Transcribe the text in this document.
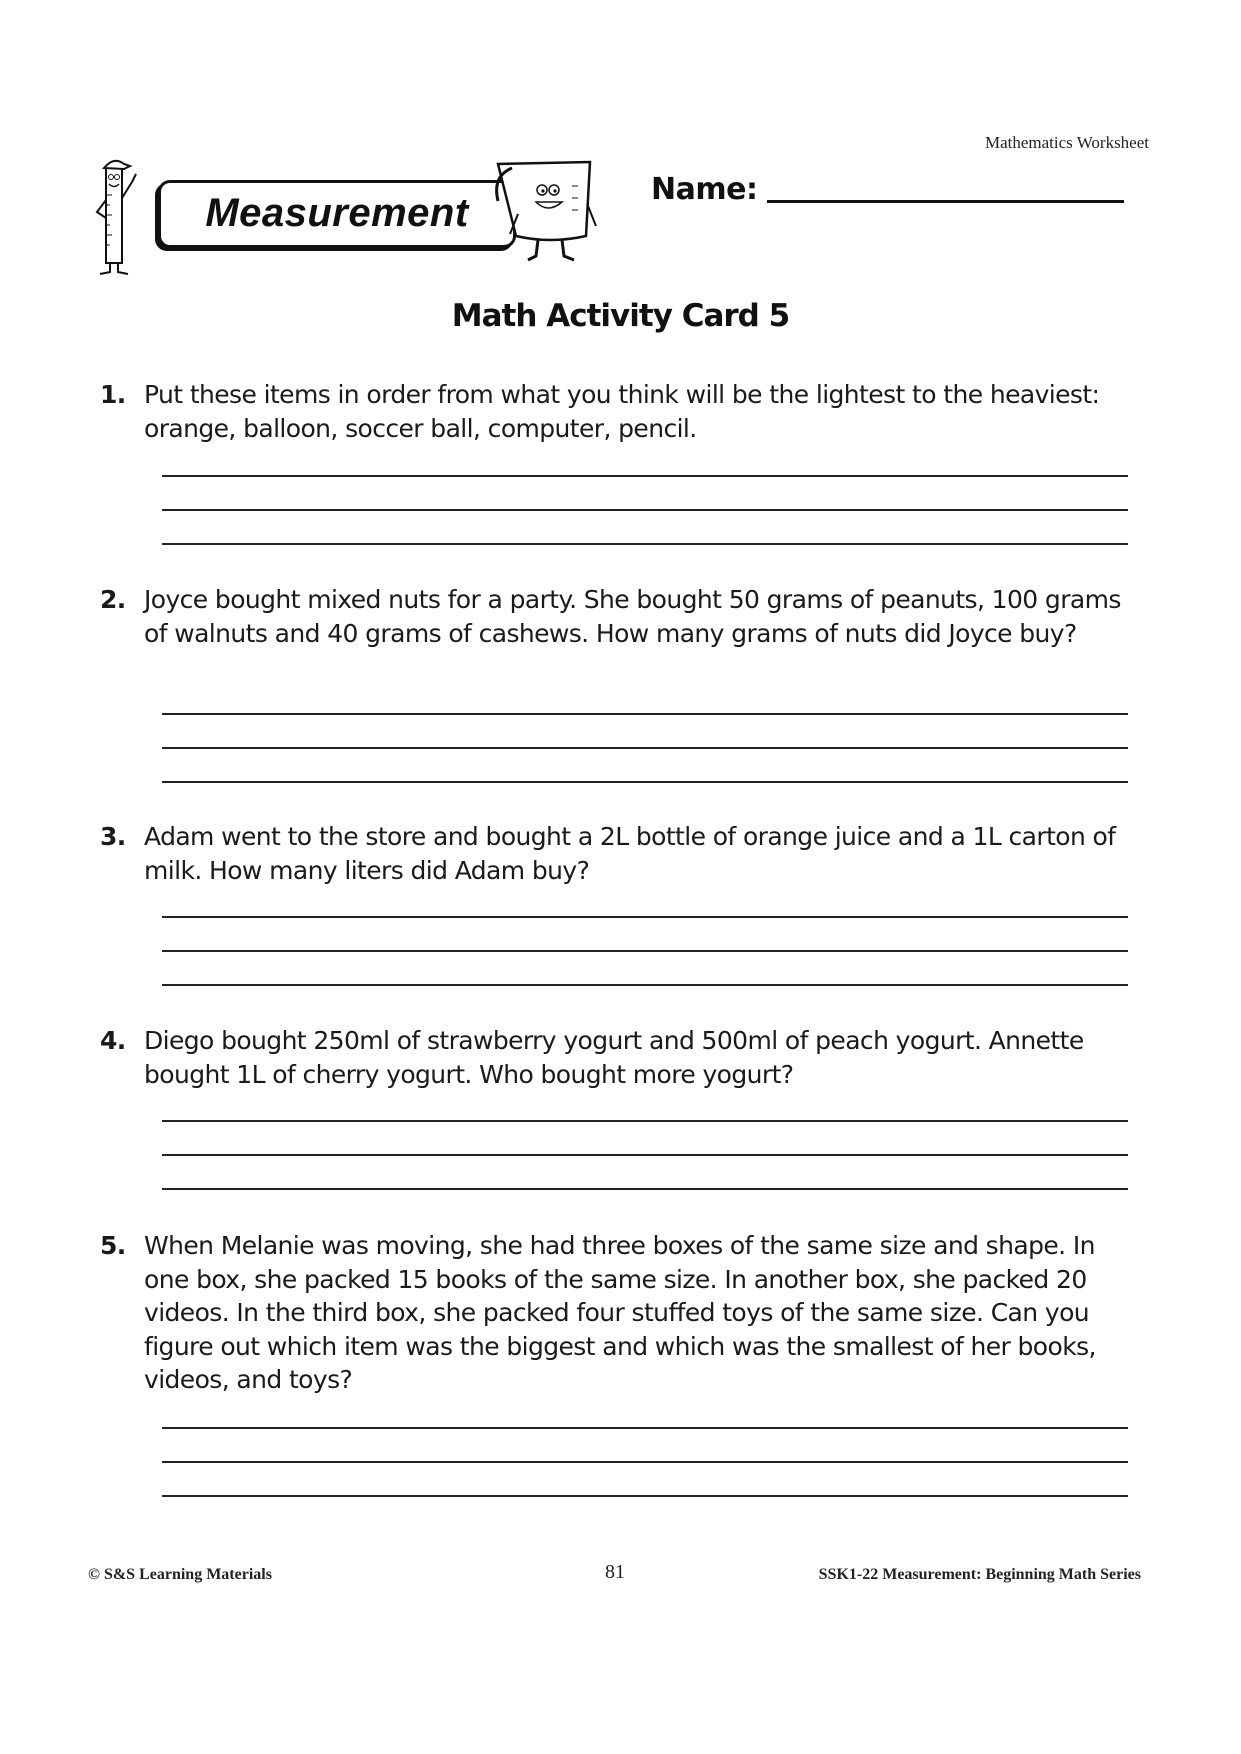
Mathematics Worksheet
Measurement
Name:
Math Activity Card 5
1. Put these items in order from what you think will be the lightest to the heaviest: orange, balloon, soccer ball, computer, pencil.
2. Joyce bought mixed nuts for a party. She bought 50 grams of peanuts, 100 grams of walnuts and 40 grams of cashews. How many grams of nuts did Joyce buy?
3. Adam went to the store and bought a 2L bottle of orange juice and a 1L carton of milk. How many liters did Adam buy?
4. Diego bought 250ml of strawberry yogurt and 500ml of peach yogurt. Annette bought 1L of cherry yogurt. Who bought more yogurt?
5. When Melanie was moving, she had three boxes of the same size and shape. In one box, she packed 15 books of the same size. In another box, she packed 20 videos. In the third box, she packed four stuffed toys of the same size. Can you figure out which item was the biggest and which was the smallest of her books, videos, and toys?
© S&S Learning Materials	81	SSK1-22 Measurement: Beginning Math Series
